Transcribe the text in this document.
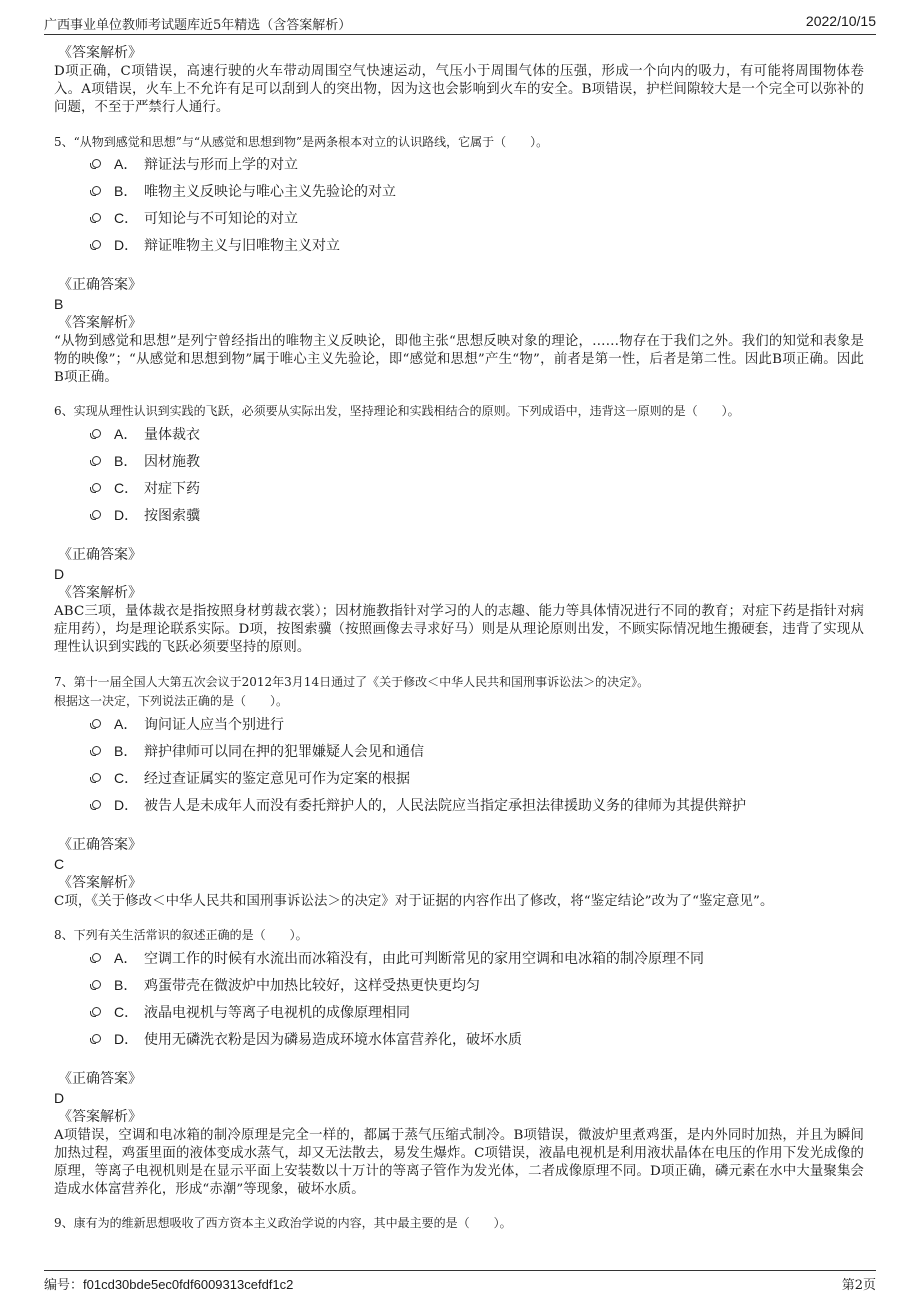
广西事业单位教师考试题库近5年精选（含答案解析）	2022/10/15
《答案解析》
D项正确，C项错误，高速行驶的火车带动周围空气快速运动，气压小于周围气体的压强，形成一个向内的吸力，有可能将周围物体卷入。A项错误，火车上不允许有足可以刮到人的突出物，因为这也会影响到火车的安全。B项错误，护栏间隙较大是一个完全可以弥补的问题，不至于严禁行人通行。
5、“从物到感觉和思想”与“从感觉和思想到物”是两条根本对立的认识路线，它属于（　　）。
A． 辩证法与形而上学的对立
B． 唯物主义反映论与唯心主义先验论的对立
C． 可知论与不可知论的对立
D． 辩证唯物主义与旧唯物主义对立
《正确答案》
B
《答案解析》
“从物到感觉和思想”是列宁曾经指出的唯物主义反映论，即他主张“思想反映对象的理论，……物存在于我们之外。我们的知觉和表象是物的映像”；“从感觉和思想到物”属于唯心主义先验论，即“感觉和思想”产生“物”，前者是第一性，后者是第二性。因此B项正确。因此B项正确。
6、实现从理性认识到实践的飞跃，必须要从实际出发，坚持理论和实践相结合的原则。下列成语中，违背这一原则的是（　　）。
A． 量体裁衣
B． 因材施教
C． 对症下药
D． 按图索骥
《正确答案》
D
《答案解析》
ABC三项，量体裁衣是指按照身材剪裁衣裳）；因材施教指针对学习的人的志趣、能力等具体情况进行不同的教育；对症下药是指针对病症用药），均是理论联系实际。D项，按图索骥（按照画像去寻求好马）则是从理论原则出发，不顾实际情况地生搬硬套，违背了实现从理性认识到实践的飞跃必须要坚持的原则。
7、第十一届全国人大第五次会议于2012年3月14日通过了《关于修改＜中华人民共和国刑事诉讼法＞的决定》。
根据这一决定，下列说法正确的是（　　）。
A． 询问证人应当个别进行
B． 辩护律师可以同在押的犯罪嫌疑人会见和通信
C． 经过查证属实的鉴定意见可作为定案的根据
D． 被告人是未成年人而没有委托辩护人的，人民法院应当指定承担法律援助义务的律师为其提供辩护
《正确答案》
C
《答案解析》
C项，《关于修改＜中华人民共和国刑事诉讼法＞的决定》对于证据的内容作出了修改，将“鉴定结论”改为了“鉴定意见”。
8、下列有关生活常识的叙述正确的是（　　）。
A． 空调工作的时候有水流出而冰箱没有，由此可判断常见的家用空调和电冰箱的制冷原理不同
B． 鸡蛋带壳在微波炉中加热比较好，这样受热更快更均匀
C． 液晶电视机与等离子电视机的成像原理相同
D． 使用无磷洗衣粉是因为磷易造成环境水体富营养化，破坏水质
《正确答案》
D
《答案解析》
A项错误，空调和电冰箱的制冷原理是完全一样的，都属于蒸气压缩式制冷。B项错误，微波炉里煮鸡蛋，是内外同时加热，并且为瞬间加热过程，鸡蛋里面的液体变成水蒸气，却又无法散去，易发生爆炸。C项错误，液晶电视机是利用液状晶体在电压的作用下发光成像的原理，等离子电视机则是在显示平面上安装数以十万计的等离子管作为发光体，二者成像原理不同。D项正确，磷元素在水中大量聚集会造成水体富营养化，形成“赤潮”等现象，破坏水质。
9、康有为的维新思想吸收了西方资本主义政治学说的内容，其中最主要的是（　　）。
编号：f01cd30bde5ec0fdf6009313cefdf1c2	第2页
